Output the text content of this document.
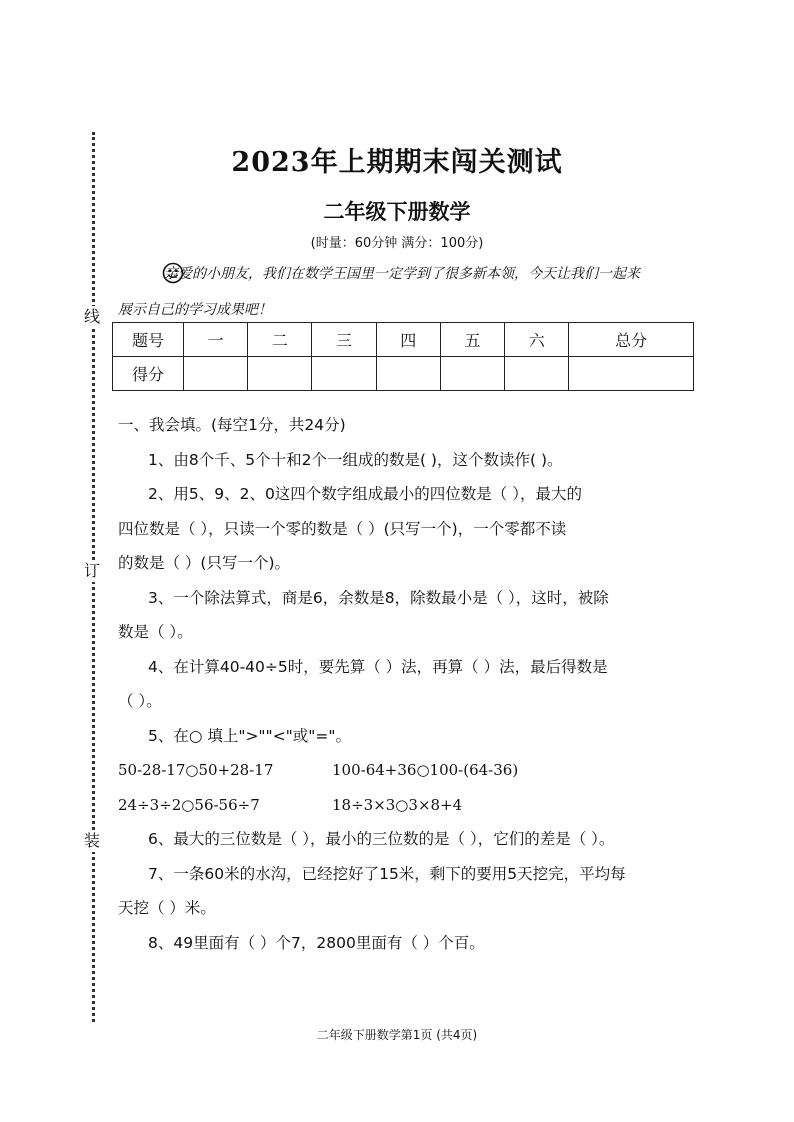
线
订
装
2023年上期期末闯关测试
二年级下册数学
(时量：60分钟 满分：100分)
亲爱的小朋友，我们在数学王国里一定学到了很多新本领，今天让我们一起来
展示自己的学习成果吧！
题号	一	二	三	四	五	六	总分
得分							

一、我会填。(每空1分，共24分)

1、由8个千、5个十和2个一组成的数是( )，这个数读作( )。

2、用5、9、2、0这四个数字组成最小的四位数是（ ），最大的

四位数是（ ），只读一个零的数是（ ）(只写一个)，一个零都不读

的数是（ ）(只写一个)。

3、一个除法算式，商是6，余数是8，除数最小是（ ），这时，被除

数是（ ）。

4、在计算40-40÷5时，要先算（ ）法，再算（ ）法，最后得数是

（ ）。

5、在○ 填上">""<"或"="。

50-28-17○50+28-17	100-64+36○100-(64-36)
24÷3÷2○56-56÷7	18÷3×3○3×8+4

6、最大的三位数是（ ），最小的三位数的是（ ），它们的差是（ ）。

7、一条60米的水沟，已经挖好了15米，剩下的要用5天挖完，平均每

天挖（ ）米。

8、49里面有（ ）个7，2800里面有（ ）个百。

二年级下册数学第1页 (共4页)
